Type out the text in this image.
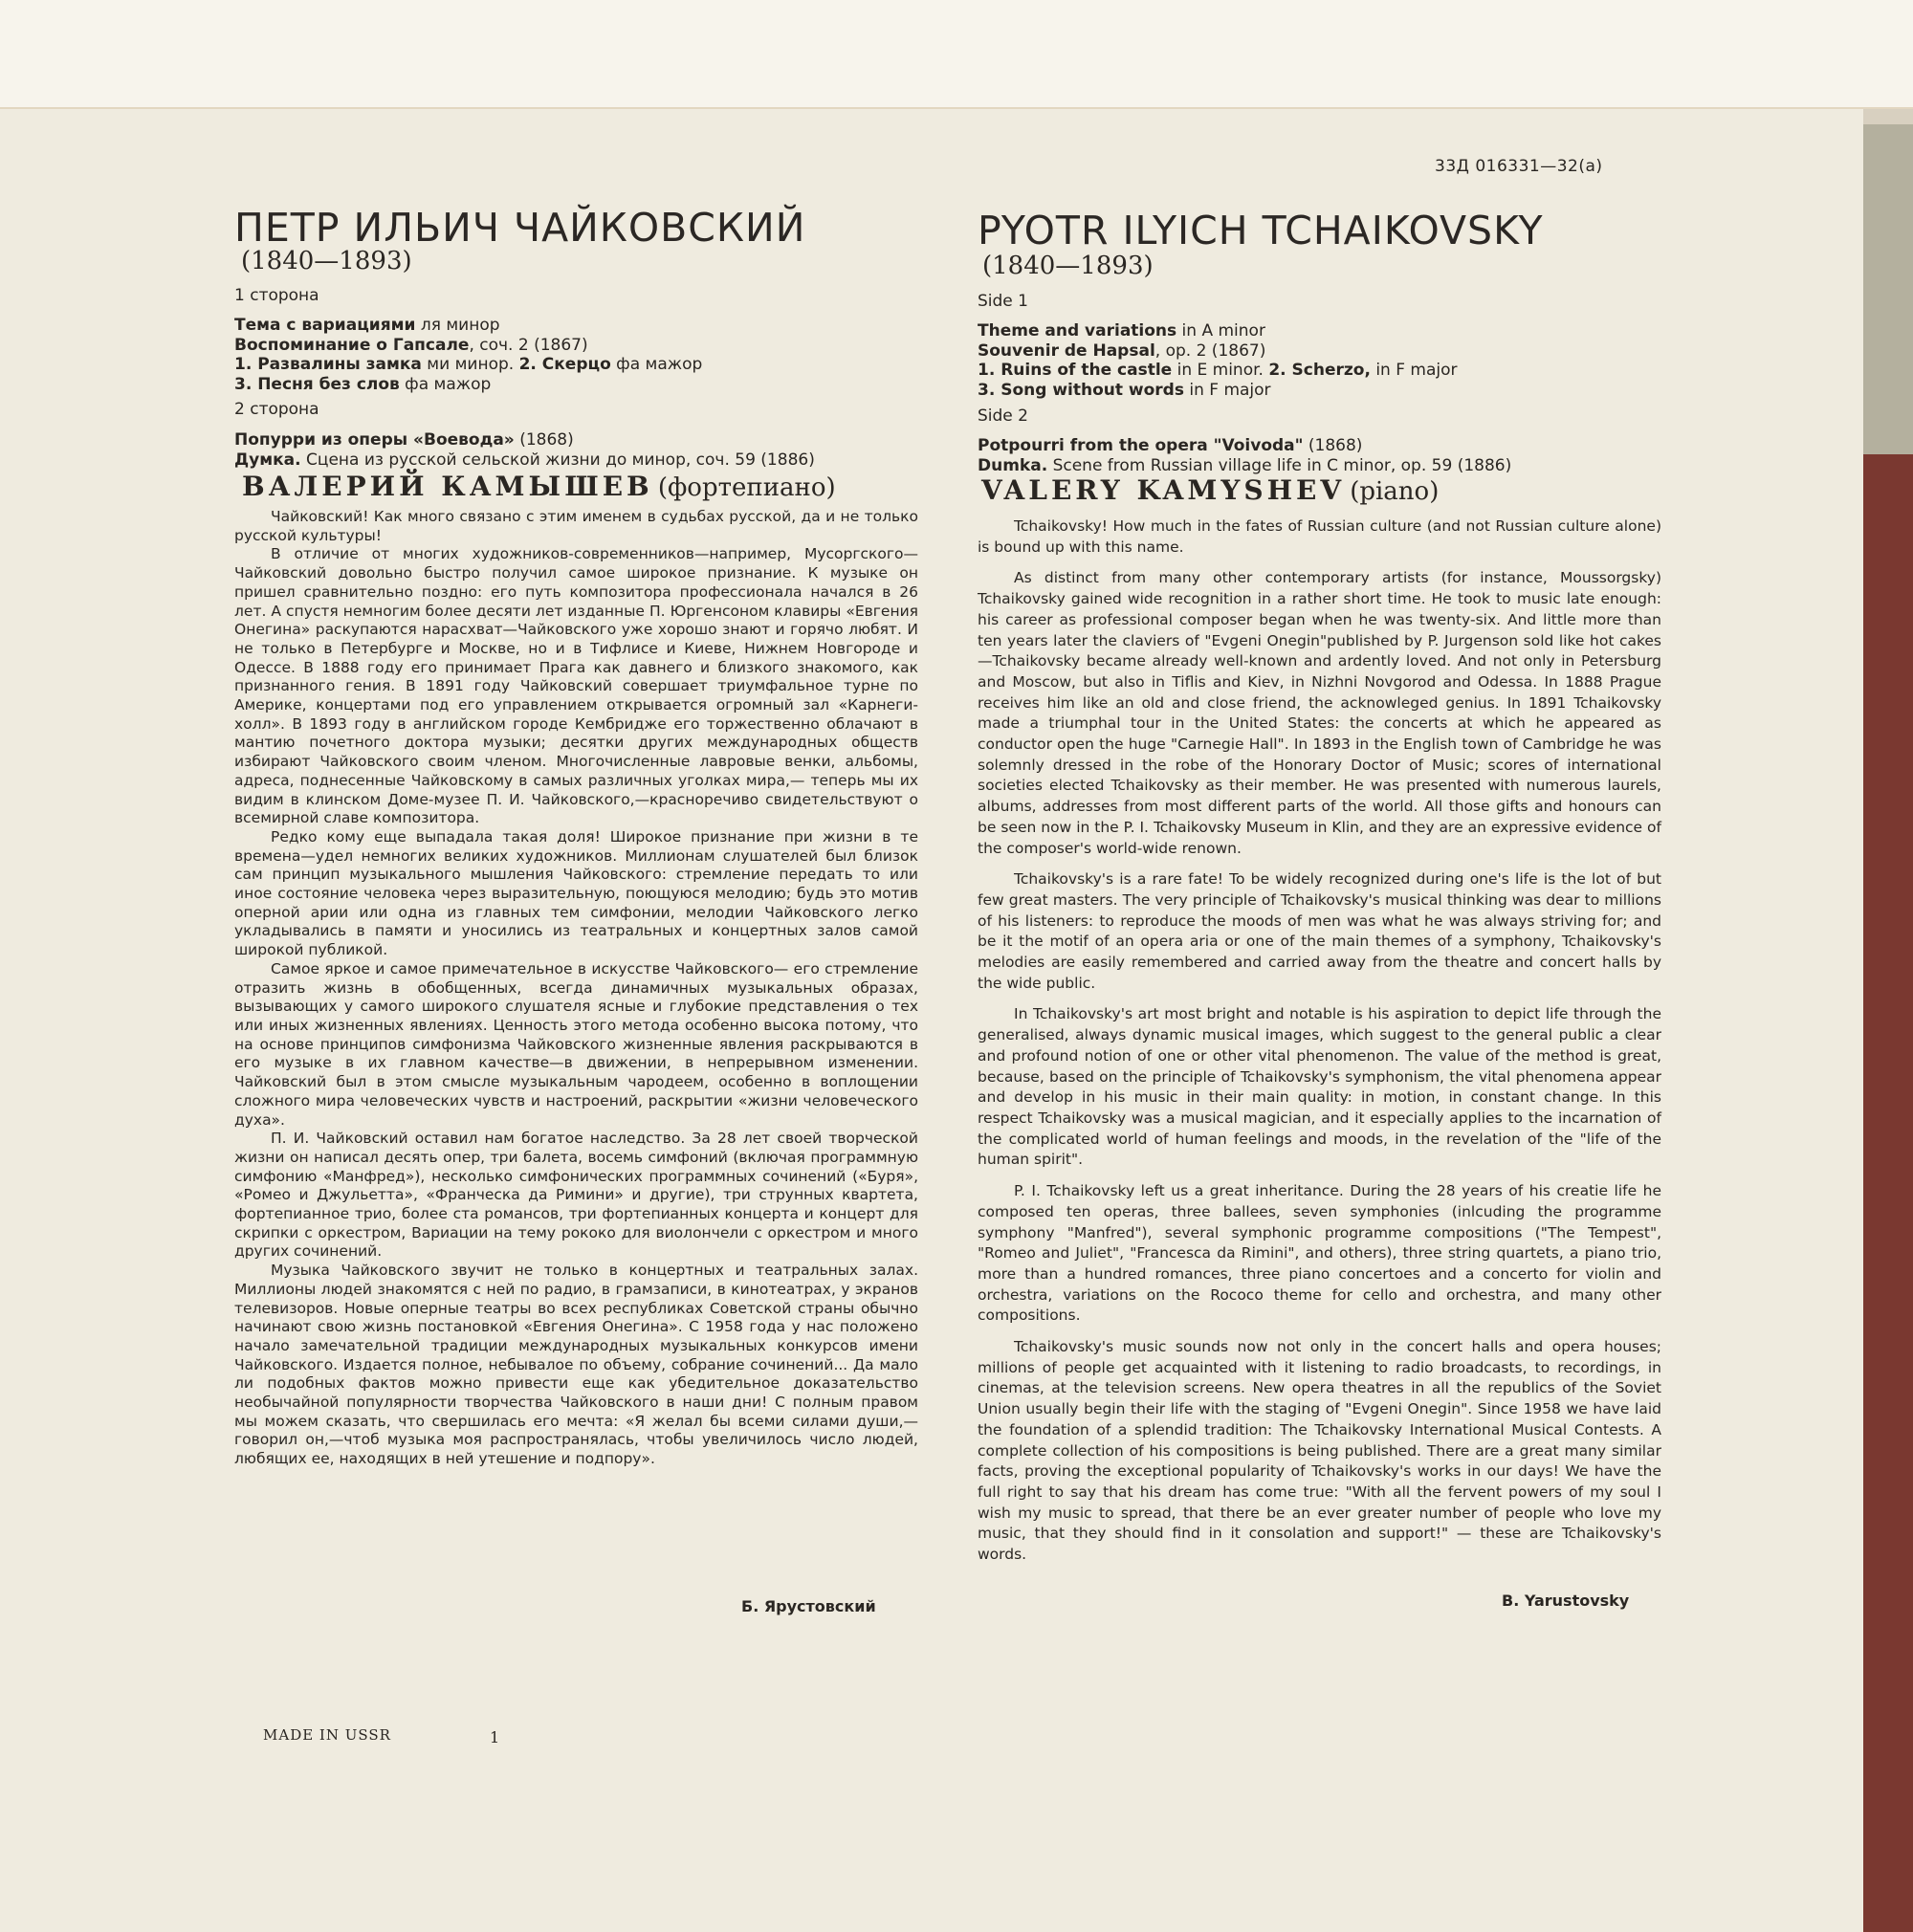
33Д 016331—32(а)
ПЕТР ИЛЬИЧ ЧАЙКОВСКИЙ
(1840—1893)
1 сторона
Тема с вариациями ля минор
Воспоминание о Гапсале, соч. 2 (1867)
1. Развалины замка ми минор. 2. Скерцо фа мажор
3. Песня без слов фа мажор
2 сторона
Попурри из оперы «Воевода» (1868)
Думка. Сцена из русской сельской жизни до минор, соч. 59 (1886)
ВАЛЕРИЙ КАМЫШЕВ (фортепиано)

Чайковский! Как много связано с этим именем в судьбах русской, да и не только русской культуры!

В отличие от многих художников-современников—например, Мусоргского—Чайковский довольно быстро получил самое широкое признание. К музыке он пришел сравнительно поздно: его путь композитора профессионала начался в 26 лет. А спустя немногим более десяти лет изданные П. Юргенсоном клавиры «Евгения Онегина» раскупаются нарасхват—Чайковского уже хорошо знают и горячо любят. И не только в Петербурге и Москве, но и в Тифлисе и Киеве, Нижнем Новгороде и Одессе. В 1888 году его принимает Прага как давнего и близкого знакомого, как признанного гения. В 1891 году Чайковский совершает триумфальное турне по Америке, концертами под его управлением открывается огромный зал «Карнеги-холл». В 1893 году в английском городе Кембридже его торжественно облачают в мантию почетного доктора музыки; десятки других международных обществ избирают Чайковского своим членом. Многочисленные лавровые венки, альбомы, адреса, поднесенные Чайковскому в самых различных уголках мира,— теперь мы их видим в клинском Доме-музее П. И. Чайковского,—красноречиво свидетельствуют о всемирной славе композитора.

Редко кому еще выпадала такая доля! Широкое признание при жизни в те времена—удел немногих великих художников. Миллионам слушателей был близок сам принцип музыкального мышления Чайковского: стремление передать то или иное состояние человека через выразительную, поющуюся мелодию; будь это мотив оперной арии или одна из главных тем симфонии, мелодии Чайковского легко укладывались в памяти и уносились из театральных и концертных залов самой широкой публикой.

Самое яркое и самое примечательное в искусстве Чайковского— его стремление отразить жизнь в обобщенных, всегда динамичных музыкальных образах, вызывающих у самого широкого слушателя ясные и глубокие представления о тех или иных жизненных явлениях. Ценность этого метода особенно высока потому, что на основе принципов симфонизма Чайковского жизненные явления раскрываются в его музыке в их главном качестве—в движении, в непрерывном изменении. Чайковский был в этом смысле музыкальным чародеем, особенно в воплощении сложного мира человеческих чувств и настроений, раскрытии «жизни человеческого духа».

П. И. Чайковский оставил нам богатое наследство. За 28 лет своей творческой жизни он написал десять опер, три балета, восемь симфоний (включая программную симфонию «Манфред»), несколько симфонических программных сочинений («Буря», «Ромео и Джульетта», «Франческа да Римини» и другие), три струнных квартета, фортепианное трио, более ста романсов, три фортепианных концерта и концерт для скрипки с оркестром, Вариации на тему рококо для виолончели с оркестром и много других сочинений.

Музыка Чайковского звучит не только в концертных и театральных залах. Миллионы людей знакомятся с ней по радио, в грамзаписи, в кинотеатрах, у экранов телевизоров. Новые оперные театры во всех республиках Советской страны обычно начинают свою жизнь постановкой «Евгения Онегина». С 1958 года у нас положено начало замечательной традиции международных музыкальных конкурсов имени Чайковского. Издается полное, небывалое по объему, собрание сочинений... Да мало ли подобных фактов можно привести еще как убедительное доказательство необычайной популярности творчества Чайковского в наши дни! С полным правом мы можем сказать, что свершилась его мечта: «Я желал бы всеми силами души,—говорил он,—чтоб музыка моя распространялась, чтобы увеличилось число людей, любящих ее, находящих в ней утешение и подпору».

Б. Ярустовский
PYOTR ILYICH TCHAIKOVSKY
(1840—1893)
Side 1
Theme and variations in A minor
Souvenir de Hapsal, op. 2 (1867)
1. Ruins of the castle in E minor. 2. Scherzo, in F major
3. Song without words in F major
Side 2
Potpourri from the opera "Voivoda" (1868)
Dumka. Scene from Russian village life in C minor, op. 59 (1886)
VALERY KAMYSHEV (piano)

Tchaikovsky! How much in the fates of Russian culture (and not Russian culture alone) is bound up with this name.

As distinct from many other contemporary artists (for instance, Moussorgsky) Tchaikovsky gained wide recognition in a rather short time. He took to music late enough: his career as professional composer began when he was twenty-six. And little more than ten years later the claviers of "Evgeni Onegin"published by P. Jurgenson sold like hot cakes—Tchaikovsky became already well-known and ardently loved. And not only in Petersburg and Moscow, but also in Tiflis and Kiev, in Nizhni Novgorod and Odessa. In 1888 Prague receives him like an old and close friend, the acknowleged genius. In 1891 Tchaikovsky made a triumphal tour in the United States: the concerts at which he appeared as conductor open the huge "Carnegie Hall". In 1893 in the English town of Cambridge he was solemnly dressed in the robe of the Honorary Doctor of Music; scores of international societies elected Tchaikovsky as their member. He was presented with numerous laurels, albums, addresses from most different parts of the world. All those gifts and honours can be seen now in the P. I. Tchaikovsky Museum in Klin, and they are an expressive evidence of the composer's world-wide renown.

Tchaikovsky's is a rare fate! To be widely recognized during one's life is the lot of but few great masters. The very principle of Tchaikovsky's musical thinking was dear to millions of his listeners: to reproduce the moods of men was what he was always striving for; and be it the motif of an opera aria or one of the main themes of a symphony, Tchaikovsky's melodies are easily remembered and carried away from the theatre and concert halls by the wide public.

In Tchaikovsky's art most bright and notable is his aspiration to depict life through the generalised, always dynamic musical images, which suggest to the general public a clear and profound notion of one or other vital phenomenon. The value of the method is great, because, based on the principle of Tchaikovsky's symphonism, the vital phenomena appear and develop in his music in their main quality: in motion, in constant change. In this respect Tchaikovsky was a musical magician, and it especially applies to the incarnation of the complicated world of human feelings and moods, in the revelation of the "life of the human spirit".

P. I. Tchaikovsky left us a great inheritance. During the 28 years of his creatie life he composed ten operas, three ballees, seven symphonies (inlcuding the programme symphony "Manfred"), several symphonic programme compositions ("The Tempest", "Romeo and Juliet", "Francesca da Rimini", and others), three string quartets, a piano trio, more than a hundred romances, three piano concertoes and a concerto for violin and orchestra, variations on the Rococo theme for cello and orchestra, and many other compositions.

Tchaikovsky's music sounds now not only in the concert halls and opera houses; millions of people get acquainted with it listening to radio broadcasts, to recordings, in cinemas, at the television screens. New opera theatres in all the republics of the Soviet Union usually begin their life with the staging of "Evgeni Onegin". Since 1958 we have laid the foundation of a splendid tradition: The Tchaikovsky International Musical Contests. A complete collection of his compositions is being published. There are a great many similar facts, proving the exceptional popularity of Tchaikovsky's works in our days! We have the full right to say that his dream has come true: "With all the fervent powers of my soul I wish my music to spread, that there be an ever greater number of people who love my music, that they should find in it consolation and support!" — these are Tchaikovsky's words.

B. Yarustovsky
MADE IN USSR	1
